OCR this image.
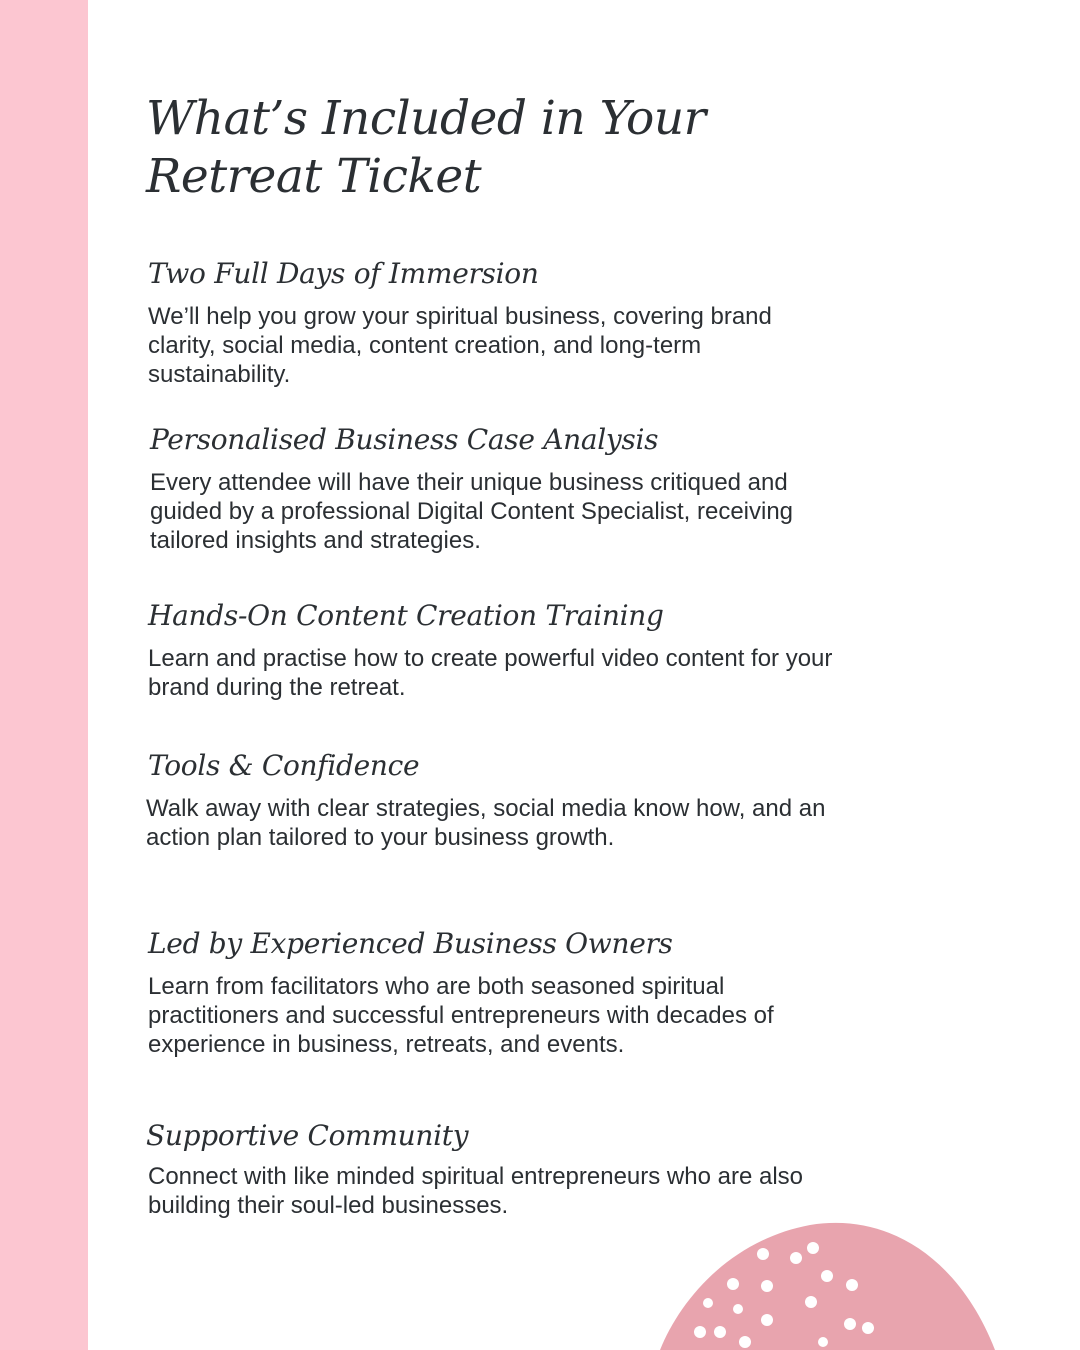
What’s Included in Your Retreat Ticket
Two Full Days of Immersion

We’ll help you grow your spiritual business, covering brand clarity, social media, content creation, and long-term sustainability.

Personalised Business Case Analysis

Every attendee will have their unique business critiqued and guided by a professional Digital Content Specialist, receiving tailored insights and strategies.

Hands-On Content Creation Training

Learn and practise how to create powerful video content for your brand during the retreat.

Tools & Confidence

Walk away with clear strategies, social media know how, and an action plan tailored to your business growth.

Led by Experienced Business Owners

Learn from facilitators who are both seasoned spiritual practitioners and successful entrepreneurs with decades of experience in business, retreats, and events.

Supportive Community

Connect with like minded spiritual entrepreneurs who are also building their soul-led businesses.
